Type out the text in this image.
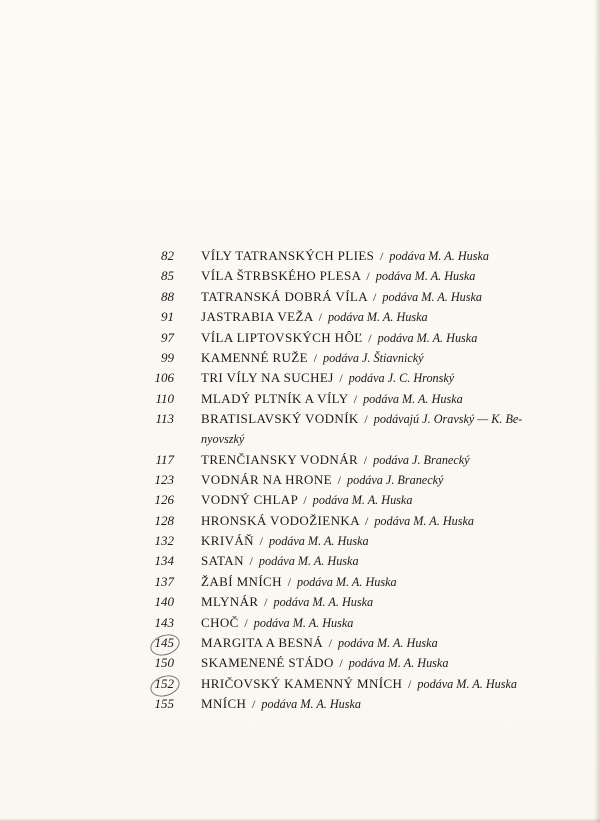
82 VÍLY TATRANSKÝCH PLIES / podáva M. A. Huska
85 VÍLA ŠTRBSKÉHO PLESA / podáva M. A. Huska
88 TATRANSKÁ DOBRÁ VÍLA / podáva M. A. Huska
91 JASTRABIA VEŽA / podáva M. A. Huska
97 VÍLA LIPTOVSKÝCH HÔĽ / podáva M. A. Huska
99 KAMENNÉ RUŽE / podáva J. Štiavnický
106 TRI VÍLY NA SUCHEJ / podáva J. C. Hronský
110 MLADÝ PLTNÍK A VÍLY / podáva M. A. Huska
113 BRATISLAVSKÝ VODNÍK / podávajú J. Oravský — K. Be-
nyovszký
117 TRENČIANSKY VODNÁR / podáva J. Branecký
123 VODNÁR NA HRONE / podáva J. Branecký
126 VODNÝ CHLAP / podáva M. A. Huska
128 HRONSKÁ VODOŽIENKA / podáva M. A. Huska
132 KRIVÁŇ / podáva M. A. Huska
134 SATAN / podáva M. A. Huska
137 ŽABÍ MNÍCH / podáva M. A. Huska
140 MLYNÁR / podáva M. A. Huska
143 CHOČ / podáva M. A. Huska
145 MARGITA A BESNÁ / podáva M. A. Huska
150 SKAMENENÉ STÁDO / podáva M. A. Huska
152 HRIČOVSKÝ KAMENNÝ MNÍCH / podáva M. A. Huska
155 MNÍCH / podáva M. A. Huska
